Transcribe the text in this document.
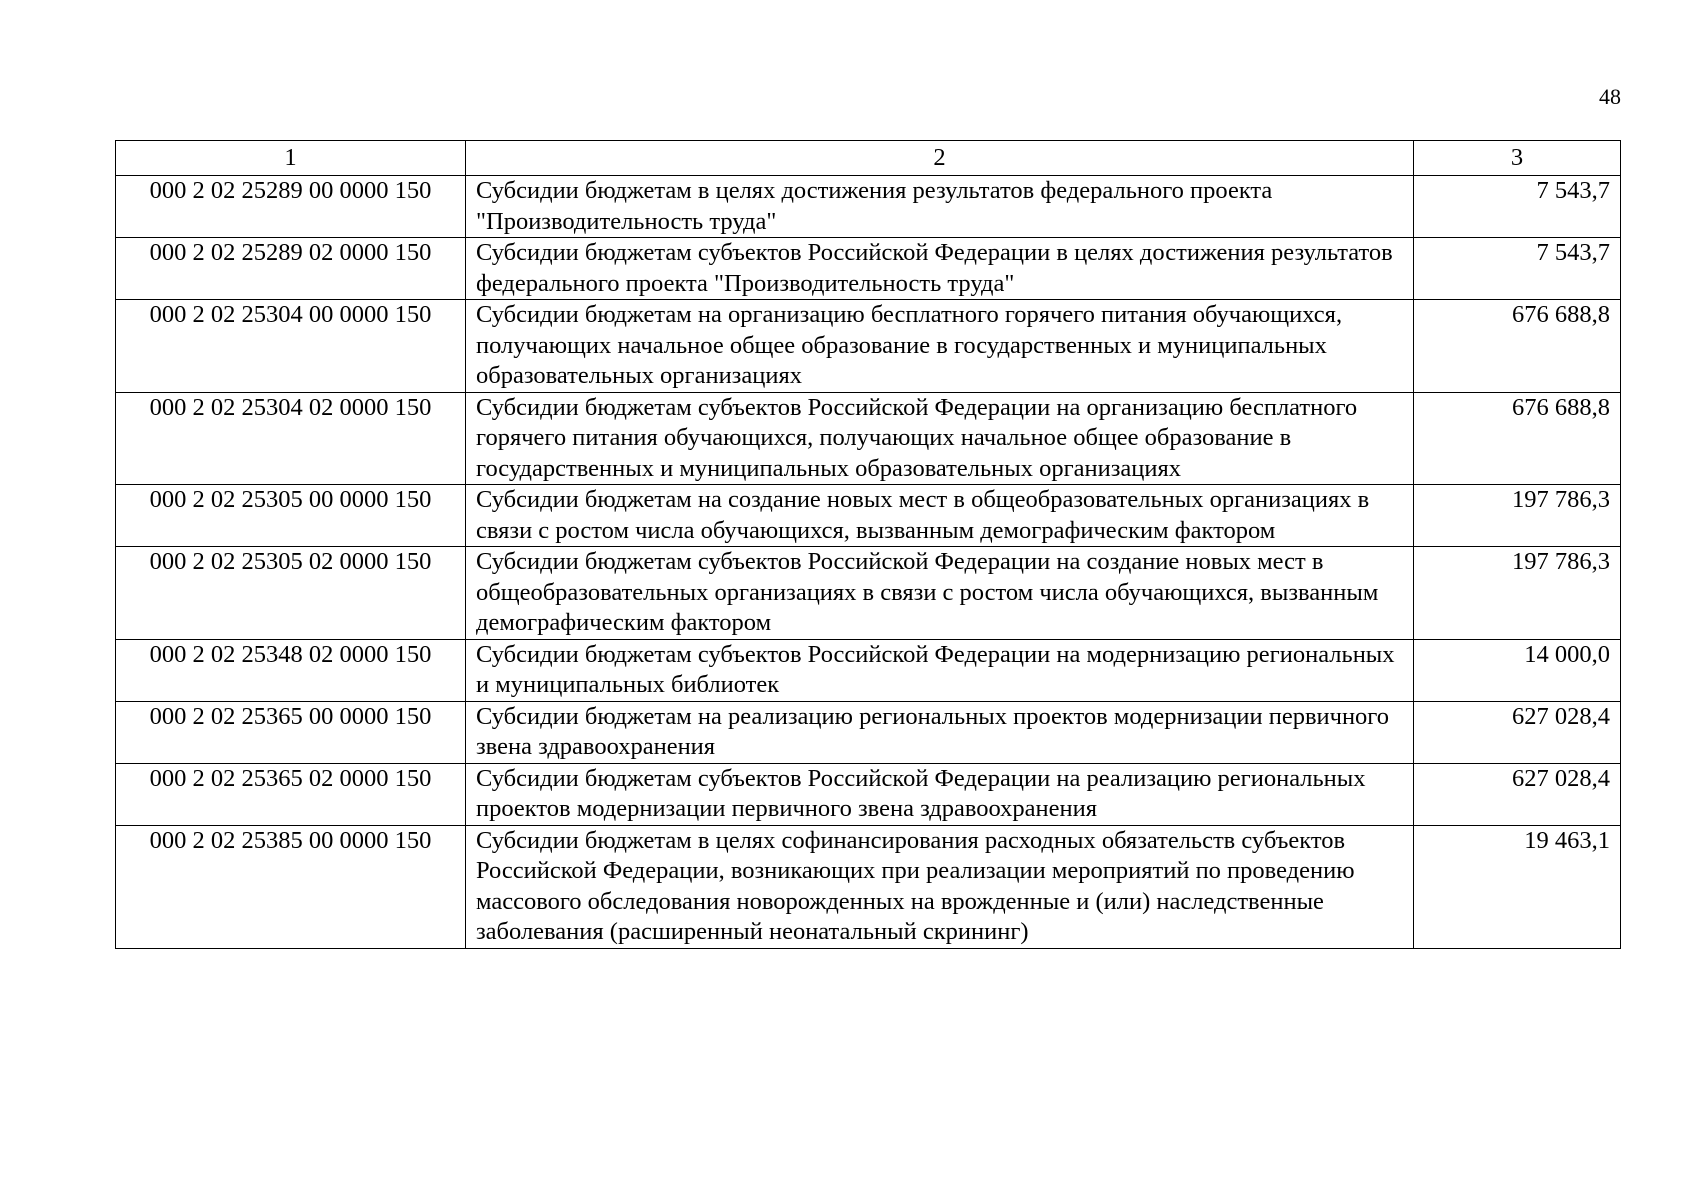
48
1	2	3
000 2 02 25289 00 0000 150	Субсидии бюджетам в целях достижения результатов федерального проекта "Производительность труда"	7 543,7
000 2 02 25289 02 0000 150	Субсидии бюджетам субъектов Российской Федерации в целях достижения результатов федерального проекта "Производительность труда"	7 543,7
000 2 02 25304 00 0000 150	Субсидии бюджетам на организацию бесплатного горячего питания обучающихся, получающих начальное общее образование в государственных и муниципальных образовательных организациях	676 688,8
000 2 02 25304 02 0000 150	Субсидии бюджетам субъектов Российской Федерации на организацию бесплатного горячего питания обучающихся, получающих начальное общее образование в государственных и муниципальных образовательных организациях	676 688,8
000 2 02 25305 00 0000 150	Субсидии бюджетам на создание новых мест в общеобразовательных организациях в связи с ростом числа обучающихся, вызванным демографическим фактором	197 786,3
000 2 02 25305 02 0000 150	Субсидии бюджетам субъектов Российской Федерации на создание новых мест в общеобразовательных организациях в связи с ростом числа обучающихся, вызванным демографическим фактором	197 786,3
000 2 02 25348 02 0000 150	Субсидии бюджетам субъектов Российской Федерации на модернизацию региональных и муниципальных библиотек	14 000,0
000 2 02 25365 00 0000 150	Субсидии бюджетам на реализацию региональных проектов модернизации первичного звена здравоохранения	627 028,4
000 2 02 25365 02 0000 150	Субсидии бюджетам субъектов Российской Федерации на реализацию региональных проектов модернизации первичного звена здравоохранения	627 028,4
000 2 02 25385 00 0000 150	Субсидии бюджетам в целях софинансирования расходных обязательств субъектов Российской Федерации, возникающих при реализации мероприятий по проведению массового обследования новорожденных на врожденные и (или) наследственные заболевания (расширенный неонатальный скрининг)	19 463,1
